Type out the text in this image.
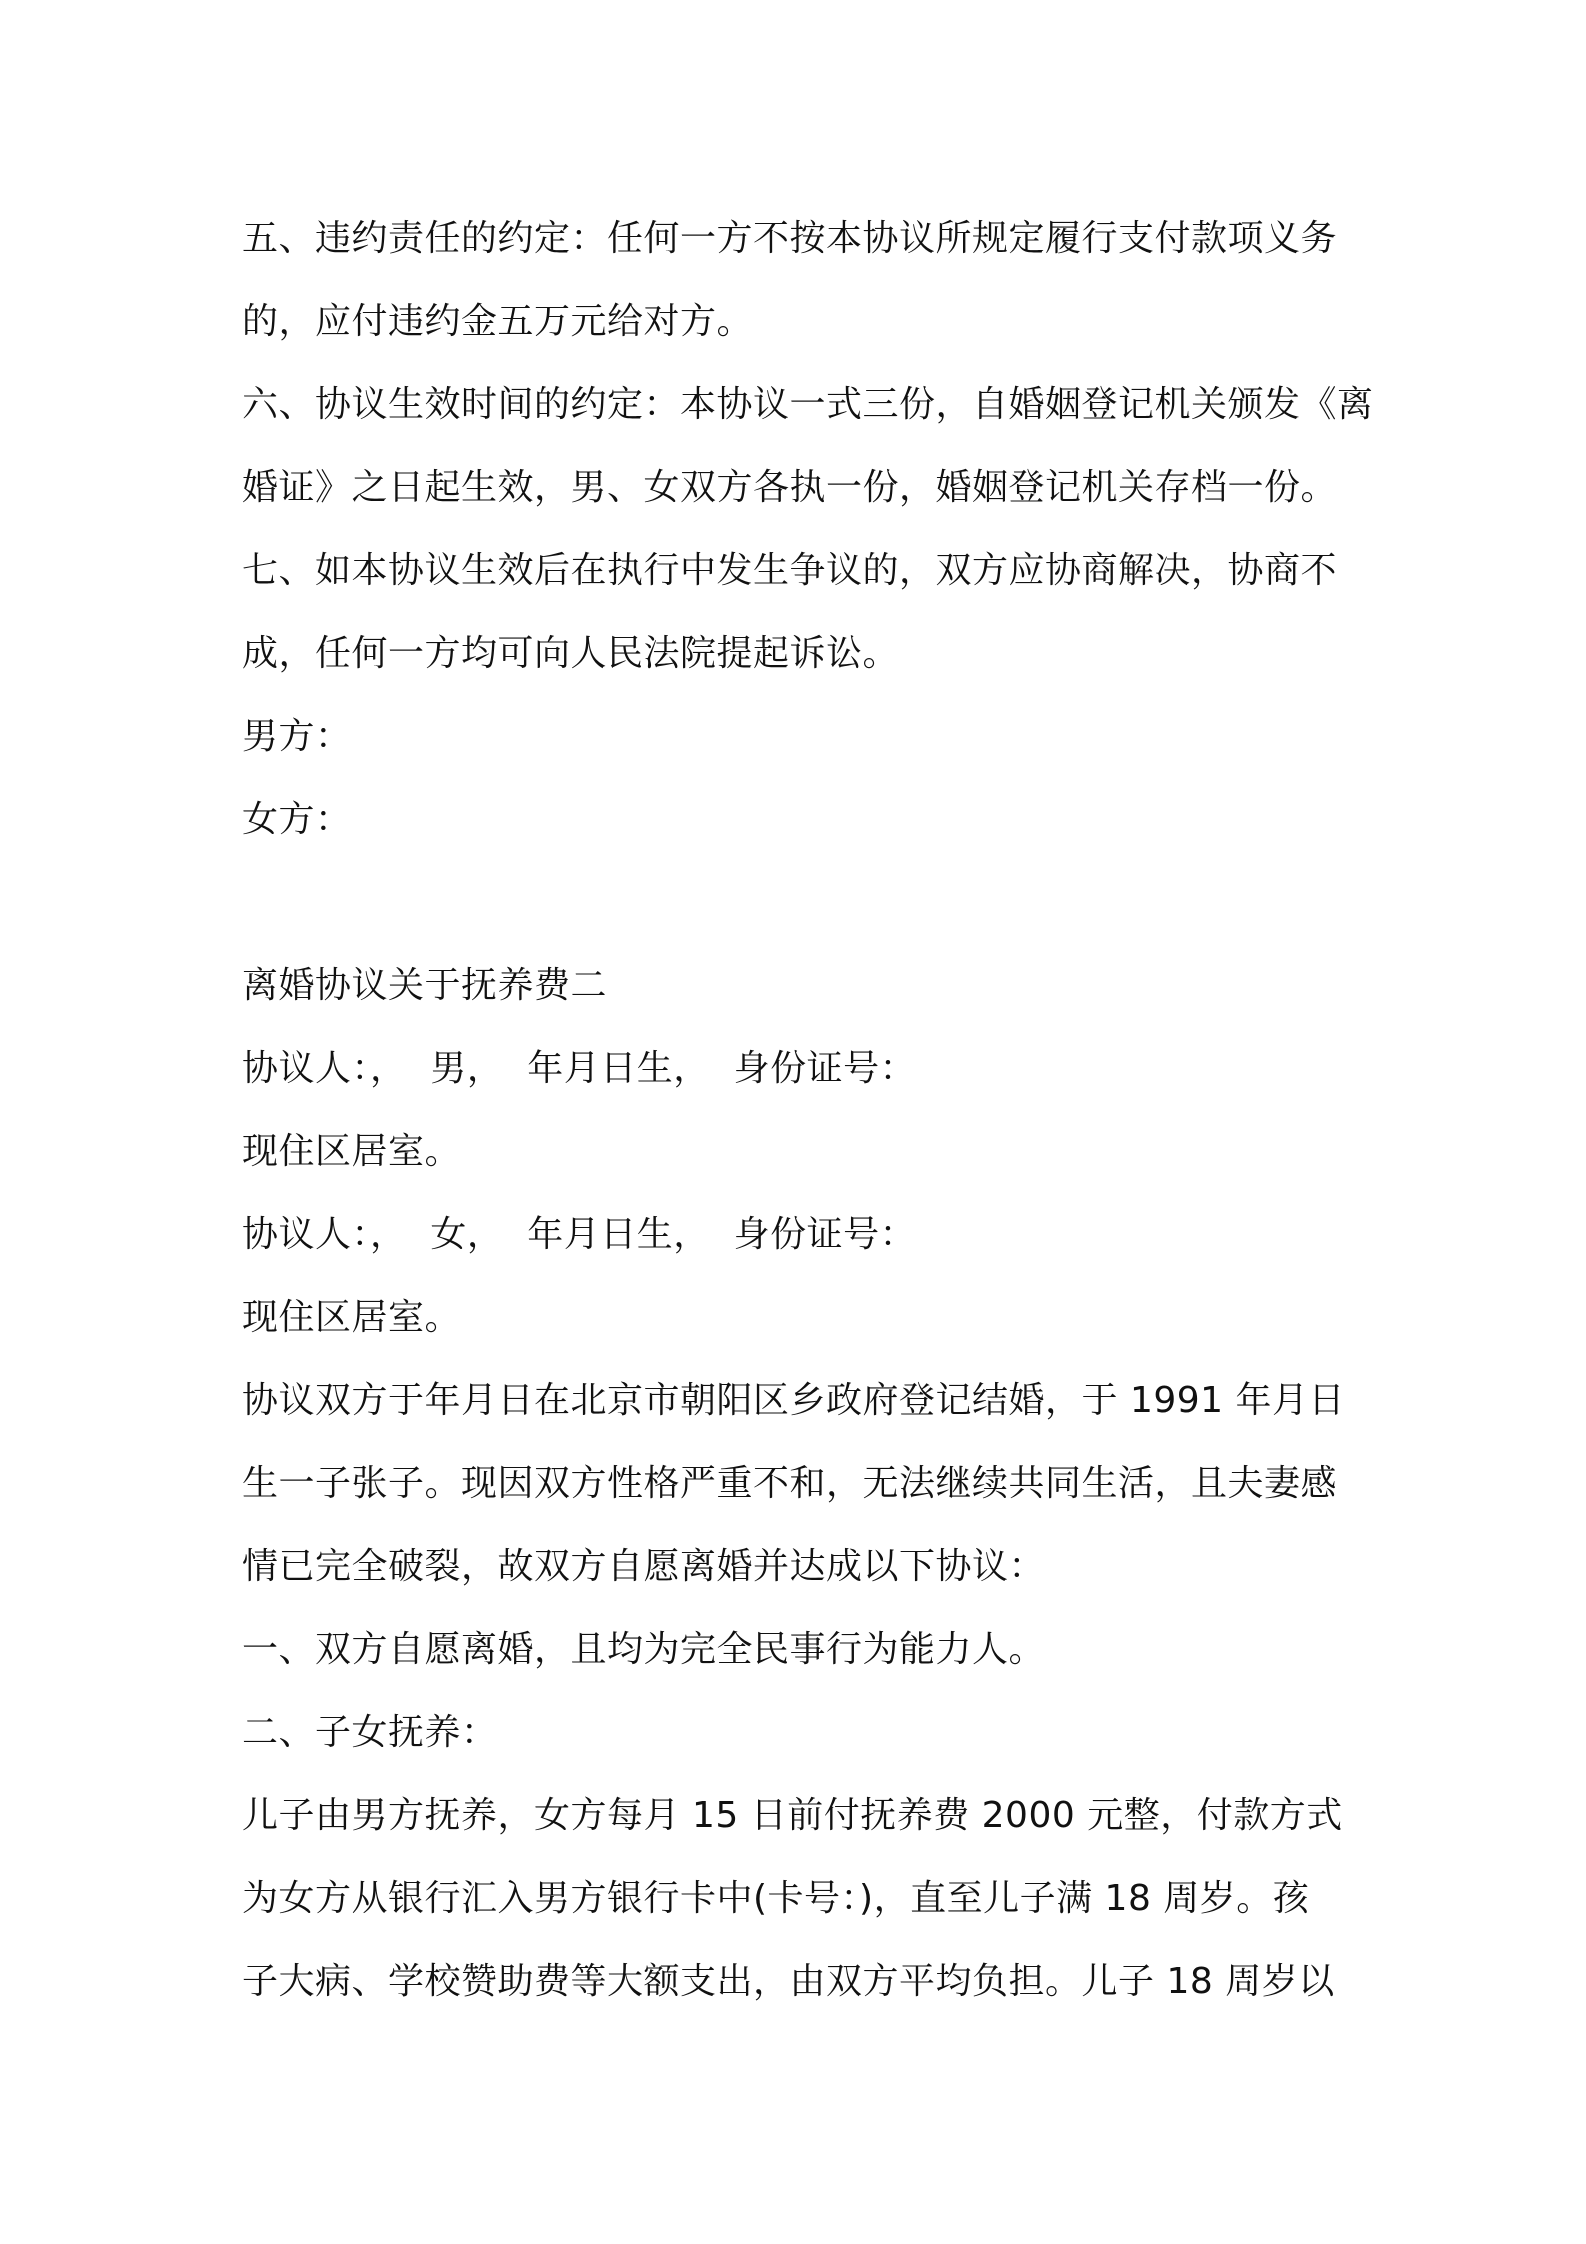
五、违约责任的约定：任何一方不按本协议所规定履行支付款项义务

的，应付违约金五万元给对方。

六、协议生效时间的约定：本协议一式三份，自婚姻登记机关颁发《离

婚证》之日起生效，男、女双方各执一份，婚姻登记机关存档一份。

七、如本协议生效后在执行中发生争议的，双方应协商解决，协商不

成，任何一方均可向人民法院提起诉讼。

男方：

女方：

离婚协议关于抚养费二

协议人：，  男，  年月日生，  身份证号：

现住区居室。

协议人：，  女，  年月日生，  身份证号：

现住区居室。

协议双方于年月日在北京市朝阳区乡政府登记结婚，于 1991 年月日

生一子张子。现因双方性格严重不和，无法继续共同生活，且夫妻感

情已完全破裂，故双方自愿离婚并达成以下协议：

一、双方自愿离婚，且均为完全民事行为能力人。

二、子女抚养：

儿子由男方抚养，女方每月 15 日前付抚养费 2000 元整，付款方式

为女方从银行汇入男方银行卡中(卡号：)，直至儿子满 18 周岁。孩

子大病、学校赞助费等大额支出，由双方平均负担。儿子 18 周岁以
